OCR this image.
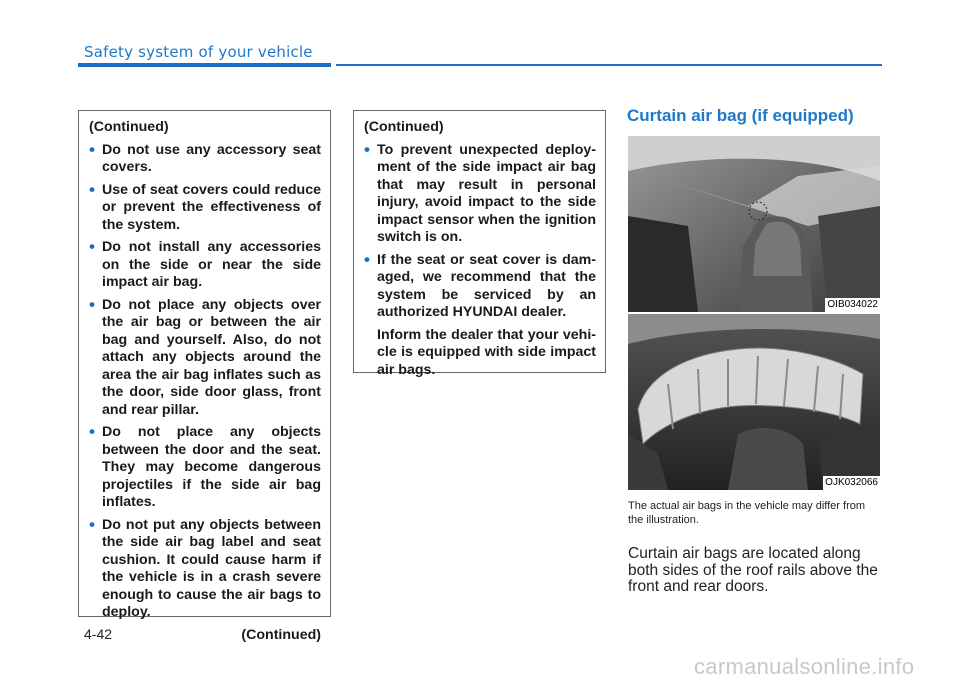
Safety system of your vehicle
(Continued)
• Do not use any accessory seat covers.
• Use of seat covers could reduce or prevent the effectiveness of the system.
• Do not install any accessories on the side or near the side impact air bag.
• Do not place any objects over the air bag or between the air bag and yourself. Also, do not attach any objects around the area the air bag inflates such as the door, side door glass, front and rear pillar.
• Do not place any objects between the door and the seat. They may become dangerous projectiles if the side air bag inflates.
• Do not put any objects between the side air bag label and seat cushion. It could cause harm if the vehicle is in a crash severe enough to cause the air bags to deploy.
(Continued)
(Continued)
• To prevent unexpected deploy-ment of the side impact air bag that may result in personal injury, avoid impact to the side impact sensor when the ignition switch is on.
• If the seat or seat cover is dam-aged, we recommend that the system be serviced by an authorized HYUNDAI dealer.
Inform the dealer that your vehi-cle is equipped with side impact air bags.
Curtain air bag (if equipped)
OIB034022
OJK032066
The actual air bags in the vehicle may differ from the illustration.
Curtain air bags are located along both sides of the roof rails above the front and rear doors.
4-42
carmanualsonline.info
